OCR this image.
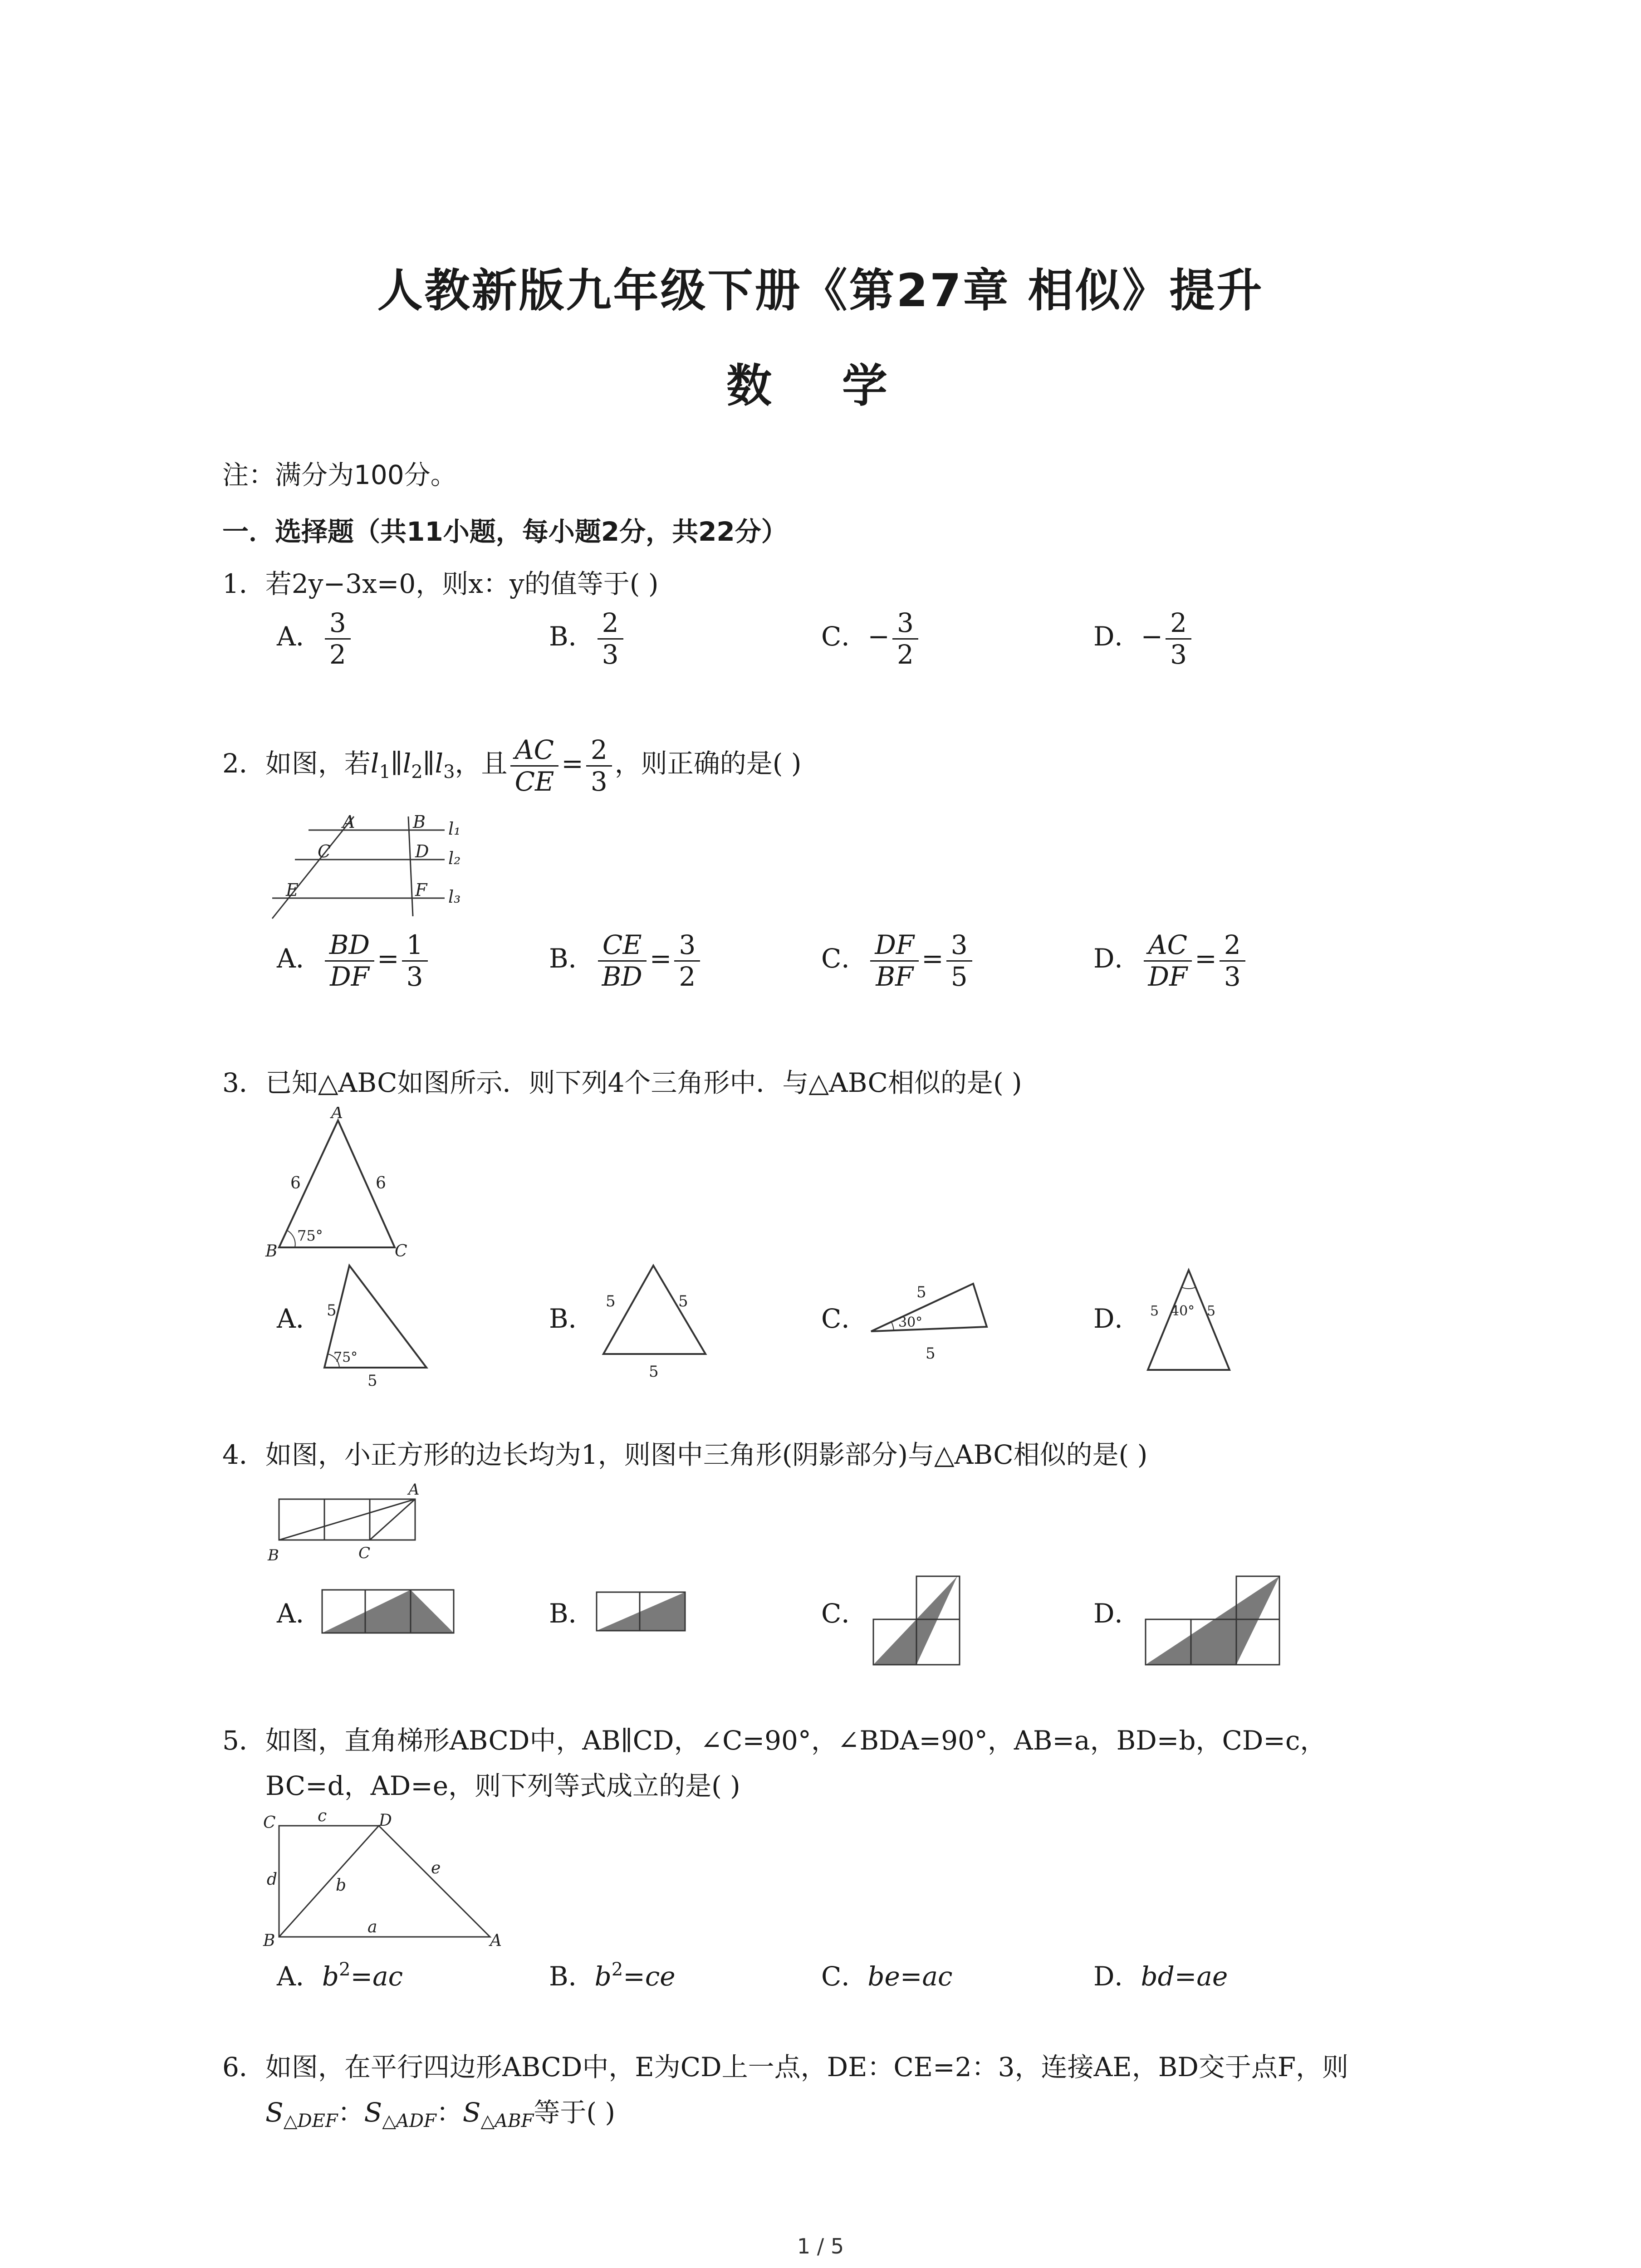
人教新版九年级下册《第27章 相似》提升
数 学
注：满分为100分。
一．选择题（共11小题，每小题2分，共22分）
1．若2y−3x=0，则x：y的值等于( )
A． $\frac{3}{2}$	B． $\frac{2}{3}$	C．− $\frac{3}{2}$	D．− $\frac{2}{3}$
2．如图，若$l_1\parallel l_2\parallel l_3$，且 $\frac{AC}{CE} = \frac{2}{3}$ ，则正确的是( )
A	B
C	D
E	F
l₁
l₂
l₃
A． $\frac{BD}{DF} = \frac{1}{3}$	B． $\frac{CE}{BD} = \frac{3}{2}$	C． $\frac{DF}{BF} = \frac{3}{5}$	D． $\frac{AC}{DF} = \frac{2}{3}$
3．已知△ABC如图所示．则下列4个三角形中．与△ABC相似的是( )
A
B	C
6	6
75°
A． 5
5
75°
B．
5	5
5
C．
5
5
30°	D． 5	5
40°
4．如图，小正方形的边长均为1，则图中三角形(阴影部分)与△ABC相似的是( )
A
B	C
A．	B．	C．	D．
5．如图，直角梯形ABCD中，AB∥CD，∠C=90°，∠BDA=90°，AB=a，BD=b，CD=c，
BC=d，AD=e，则下列等式成立的是( )
C	D
B	A
c
d	b
e
a
A．$b^2=ac$	B．$b^2=ce$	C．be=ac	D．bd=ae
6．如图，在平行四边形ABCD中，E为CD上一点，DE：CE=2：3，连接AE，BD交于点F，则
$S_{\triangle DEF}$：$S_{\triangle ADF}$：$S_{\triangle ABF}$等于( )
1 / 5
